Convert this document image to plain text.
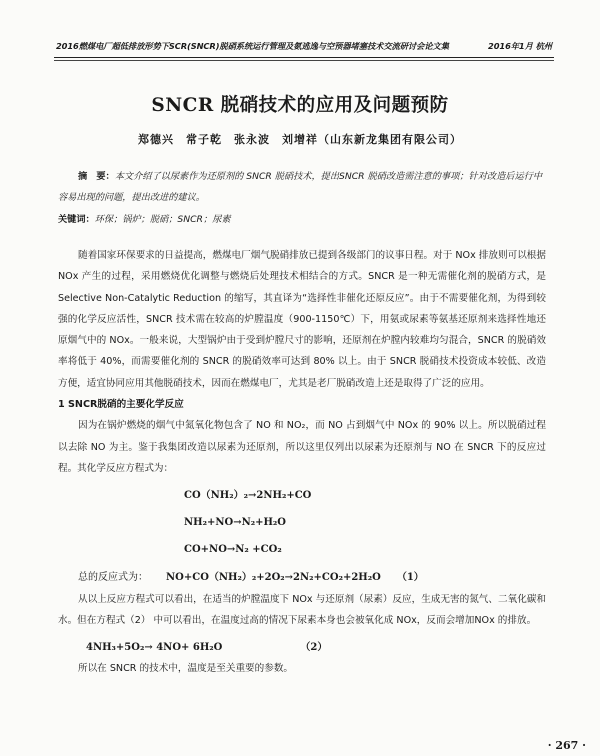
2016燃煤电厂超低排放形势下SCR(SNCR)脱硝系统运行管理及氨逃逸与空预器堵塞技术交流研讨会论文集	2016年1月 杭州
SNCR 脱硝技术的应用及问题预防
郑德兴　常子乾　张永波　刘增祥（山东新龙集团有限公司）
摘　要：本文介绍了以尿素作为还原剂的 SNCR 脱硝技术，提出SNCR 脱硝改造需注意的事项；针对改造后运行中容易出现的问题，提出改进的建议。
关键词：环保；锅炉；脱硝；SNCR；尿素

随着国家环保要求的日益提高，燃煤电厂烟气脱硝排放已提到各级部门的议事日程。对于 NOx 排放则可以根据 NOx 产生的过程，采用燃烧优化调整与燃烧后处理技术相结合的方式。SNCR 是一种无需催化剂的脱硝方式，是 Selective Non-Catalytic Reduction 的缩写，其直译为“选择性非催化还原反应”。由于不需要催化剂，为得到较强的化学反应活性，SNCR 技术需在较高的炉膛温度（900-1150℃）下，用氨或尿素等氨基还原剂来选择性地还原烟气中的 NOx。一般来说，大型锅炉由于受到炉膛尺寸的影响，还原剂在炉膛内较难均匀混合，SNCR 的脱硝效率将低于 40%，而需要催化剂的 SNCR 的脱硝效率可达到 80% 以上。由于 SNCR 脱硝技术投资成本较低、改造方便，适宜协同应用其他脱硝技术，因而在燃煤电厂，尤其是老厂脱硝改造上还是取得了广泛的应用。

1 SNCR脱硝的主要化学反应

因为在锅炉燃烧的烟气中氮氧化物包含了 NO 和 NO₂，而 NO 占到烟气中 NOx 的 90% 以上。所以脱硝过程以去除 NO 为主。鉴于我集团改造以尿素为还原剂，所以这里仅列出以尿素为还原剂与 NO 在 SNCR 下的反应过程。其化学反应方程式为：

CO（NH₂）₂→2NH₂+CO

NH₂+NO→N₂+H₂O

CO+NO→N₂ +CO₂

总的反应式为： NO+CO（NH₂）₂+2O₂→2N₂+CO₂+2H₂O （1）

从以上反应方程式可以看出，在适当的炉膛温度下 NOx 与还原剂（尿素）反应，生成无害的氮气、二氧化碳和水。但在方程式（2） 中可以看出，在温度过高的情况下尿素本身也会被氧化成 NOx，反而会增加NOx 的排放。

4NH₃+5O₂→ 4NO+ 6H₂O	（2）

所以在 SNCR 的技术中，温度是至关重要的参数。

· 267 ·
